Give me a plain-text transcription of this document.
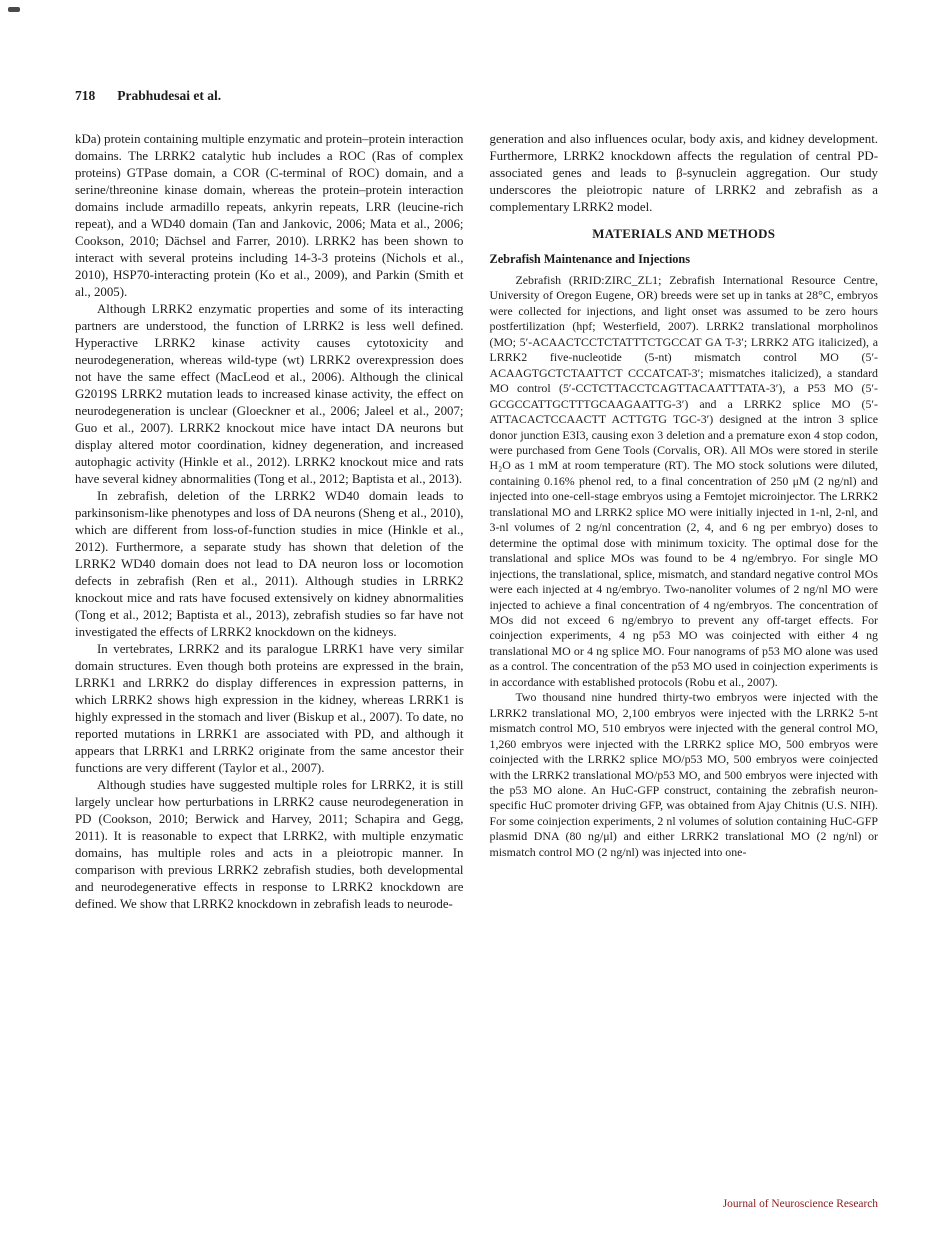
718 Prabhudesai et al.

kDa) protein containing multiple enzymatic and protein–protein interaction domains. The LRRK2 catalytic hub includes a ROC (Ras of complex proteins) GTPase domain, a COR (C-terminal of ROC) domain, and a serine/threonine kinase domain, whereas the protein–protein interaction domains include armadillo repeats, ankyrin repeats, LRR (leucine-rich repeat), and a WD40 domain (Tan and Jankovic, 2006; Mata et al., 2006; Cookson, 2010; Dächsel and Farrer, 2010). LRRK2 has been shown to interact with several proteins including 14-3-3 proteins (Nichols et al., 2010), HSP70-interacting protein (Ko et al., 2009), and Parkin (Smith et al., 2005).

Although LRRK2 enzymatic properties and some of its interacting partners are understood, the function of LRRK2 is less well defined. Hyperactive LRRK2 kinase activity causes cytotoxicity and neurodegeneration, whereas wild-type (wt) LRRK2 overexpression does not have the same effect (MacLeod et al., 2006). Although the clinical G2019S LRRK2 mutation leads to increased kinase activity, the effect on neurodegeneration is unclear (Gloeckner et al., 2006; Jaleel et al., 2007; Guo et al., 2007). LRRK2 knockout mice have intact DA neurons but display altered motor coordination, kidney degeneration, and increased autophagic activity (Hinkle et al., 2012). LRRK2 knockout mice and rats have several kidney abnormalities (Tong et al., 2012; Baptista et al., 2013).

In zebrafish, deletion of the LRRK2 WD40 domain leads to parkinsonism-like phenotypes and loss of DA neurons (Sheng et al., 2010), which are different from loss-of-function studies in mice (Hinkle et al., 2012). Furthermore, a separate study has shown that deletion of the LRRK2 WD40 domain does not lead to DA neuron loss or locomotion defects in zebrafish (Ren et al., 2011). Although studies in LRRK2 knockout mice and rats have focused extensively on kidney abnormalities (Tong et al., 2012; Baptista et al., 2013), zebrafish studies so far have not investigated the effects of LRRK2 knockdown on the kidneys.

In vertebrates, LRRK2 and its paralogue LRRK1 have very similar domain structures. Even though both proteins are expressed in the brain, LRRK1 and LRRK2 do display differences in expression patterns, in which LRRK2 shows high expression in the kidney, whereas LRRK1 is highly expressed in the stomach and liver (Biskup et al., 2007). To date, no reported mutations in LRRK1 are associated with PD, and although it appears that LRRK1 and LRRK2 originate from the same ancestor their functions are very different (Taylor et al., 2007).

Although studies have suggested multiple roles for LRRK2, it is still largely unclear how perturbations in LRRK2 cause neurodegeneration in PD (Cookson, 2010; Berwick and Harvey, 2011; Schapira and Gegg, 2011). It is reasonable to expect that LRRK2, with multiple enzymatic domains, has multiple roles and acts in a pleiotropic manner. In comparison with previous LRRK2 zebrafish studies, both developmental and neurodegenerative effects in response to LRRK2 knockdown are defined. We show that LRRK2 knockdown in zebrafish leads to neurode-

generation and also influences ocular, body axis, and kidney development. Furthermore, LRRK2 knockdown affects the regulation of central PD-associated genes and leads to β-synuclein aggregation. Our study underscores the pleiotropic nature of LRRK2 and zebrafish as a complementary LRRK2 model.

MATERIALS AND METHODS
Zebrafish Maintenance and Injections

Zebrafish (RRID:ZIRC_ZL1; Zebrafish International Resource Centre, University of Oregon Eugene, OR) breeds were set up in tanks at 28°C, embryos were collected for injections, and light onset was assumed to be zero hours postfertilization (hpf; Westerfield, 2007). LRRK2 translational morpholinos (MO; 5′-ACAACTCCTCTATTTCTGCCAT GA T-3′; LRRK2 ATG italicized), a LRRK2 five-nucleotide (5-nt) mismatch control MO (5′-ACAAGTGCTCTAATTCT CCCATCAT-3′; mismatches italicized), a standard MO control (5′-CCTCTTACCTCAGTTACAATTTATA-3′), a P53 MO (5′-GCGCCATTGCTTTGCAAGAATTG-3′) and a LRRK2 splice MO (5′-ATTACACTCCAACTT ACTTGTG TGC-3′) designed at the intron 3 splice donor junction E3I3, causing exon 3 deletion and a premature exon 4 stop codon, were purchased from Gene Tools (Corvalis, OR). All MOs were stored in sterile H₂O as 1 mM at room temperature (RT). The MO stock solutions were diluted, containing 0.16% phenol red, to a final concentration of 250 μM (2 ng/nl) and injected into one-cell-stage embryos using a Femtojet microinjector. The LRRK2 translational MO and LRRK2 splice MO were initially injected in 1-nl, 2-nl, and 3-nl volumes of 2 ng/nl concentration (2, 4, and 6 ng per embryo) doses to determine the optimal dose with minimum toxicity. The optimal dose for the translational and splice MOs was found to be 4 ng/embryo. For single MO injections, the translational, splice, mismatch, and standard negative control MOs were each injected at 4 ng/embryo. Two-nanoliter volumes of 2 ng/nl MO were injected to achieve a final concentration of 4 ng/embryos. The concentration of MOs did not exceed 6 ng/embryo to prevent any off-target effects. For coinjection experiments, 4 ng p53 MO was coinjected with either 4 ng translational MO or 4 ng splice MO. Four nanograms of p53 MO alone was used as a control. The concentration of the p53 MO used in coinjection experiments is in accordance with established protocols (Robu et al., 2007).

Two thousand nine hundred thirty-two embryos were injected with the LRRK2 translational MO, 2,100 embryos were injected with the LRRK2 5-nt mismatch control MO, 510 embryos were injected with the general control MO, 1,260 embryos were injected with the LRRK2 splice MO, 500 embryos were coinjected with the LRRK2 splice MO/p53 MO, 500 embryos were coinjected with the LRRK2 translational MO/p53 MO, and 500 embryos were injected with the p53 MO alone. An HuC-GFP construct, containing the zebrafish neuron-specific HuC promoter driving GFP, was obtained from Ajay Chitnis (U.S. NIH). For some coinjection experiments, 2 nl volumes of solution containing HuC-GFP plasmid DNA (80 ng/μl) and either LRRK2 translational MO (2 ng/nl) or mismatch control MO (2 ng/nl) was injected into one-

Journal of Neuroscience Research
